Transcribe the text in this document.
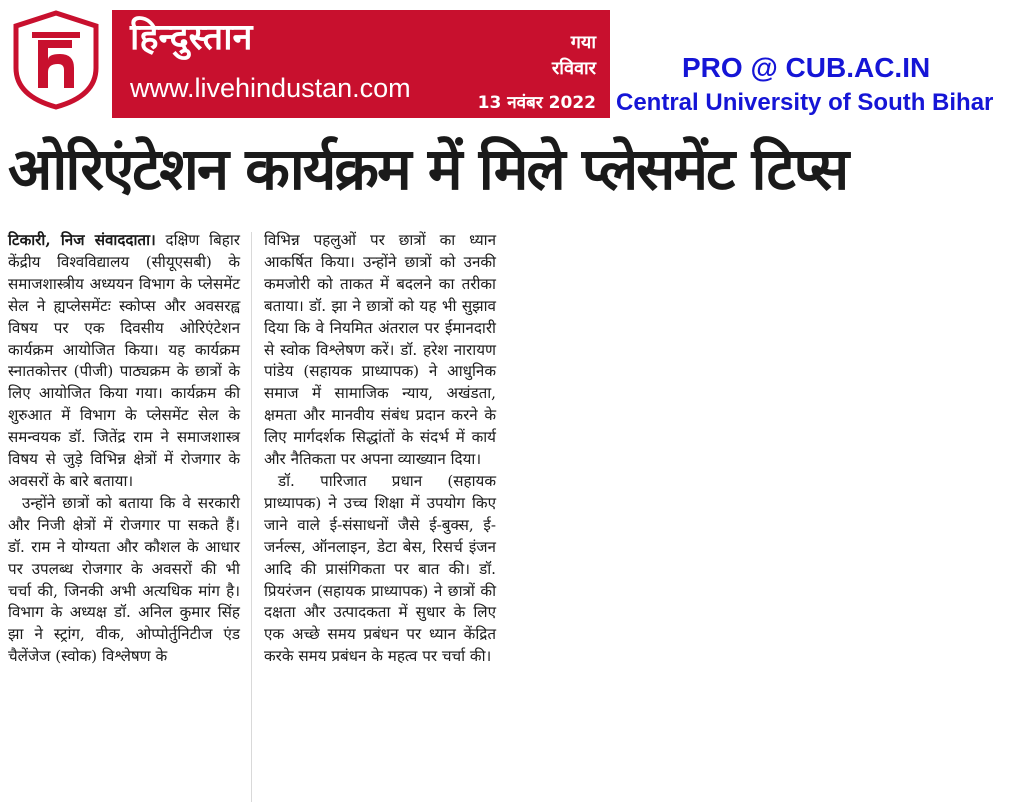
हिन्दुस्तान
www.livehindustan.com
गया
रविवार
13 नवंबर 2022
PRO @ CUB.AC.IN
Central University of South Bihar
ओरिएंटेशन कार्यक्रम में मिले प्लेसमेंट टिप्स

टिकारी, निज संवाददाता। दक्षिण बिहार केंद्रीय विश्वविद्यालय (सीयूएसबी) के समाजशास्त्रीय अध्ययन विभाग के प्लेसमेंट सेल ने ह्यप्लेसमेंटः स्कोप्स और अवसरह्व विषय पर एक दिवसीय ओरिएंटेशन कार्यक्रम आयोजित किया। यह कार्यक्रम स्नातकोत्तर (पीजी) पाठ्यक्रम के छात्रों के लिए आयोजित किया गया। कार्यक्रम की शुरुआत में विभाग के प्लेसमेंट सेल के समन्वयक डॉ. जितेंद्र राम ने समाजशास्त्र विषय से जुड़े विभिन्न क्षेत्रों में रोजगार के अवसरों के बारे बताया।

उन्होंने छात्रों को बताया कि वे सरकारी और निजी क्षेत्रों में रोजगार पा सकते हैं। डॉ. राम ने योग्यता और कौशल के आधार पर उपलब्ध रोजगार के अवसरों की भी चर्चा की, जिनकी अभी अत्यधिक मांग है। विभाग के अध्यक्ष डॉ. अनिल कुमार सिंह झा ने स्ट्रांग, वीक, ओप्पोर्तुनिटीज एंड चैलेंजेज (स्वोक) विश्लेषण के

विभिन्न पहलुओं पर छात्रों का ध्यान आकर्षित किया। उन्होंने छात्रों को उनकी कमजोरी को ताकत में बदलने का तरीका बताया। डॉ. झा ने छात्रों को यह भी सुझाव दिया कि वे नियमित अंतराल पर ईमानदारी से स्वोक विश्लेषण करें। डॉ. हरेश नारायण पांडेय (सहायक प्राध्यापक) ने आधुनिक समाज में सामाजिक न्याय, अखंडता, क्षमता और मानवीय संबंध प्रदान करने के लिए मार्गदर्शक सिद्धांतों के संदर्भ में कार्य और नैतिकता पर अपना व्याख्यान दिया।

डॉ. पारिजात प्रधान (सहायक प्राध्यापक) ने उच्च शिक्षा में उपयोग किए जाने वाले ई-संसाधनों जैसे ई-बुक्स, ई-जर्नल्स, ऑनलाइन, डेटा बेस, रिसर्च इंजन आदि की प्रासंगिकता पर बात की। डॉ. प्रियरंजन (सहायक प्राध्यापक) ने छात्रों की दक्षता और उत्पादकता में सुधार के लिए एक अच्छे समय प्रबंधन पर ध्यान केंद्रित करके समय प्रबंधन के महत्व पर चर्चा की।
